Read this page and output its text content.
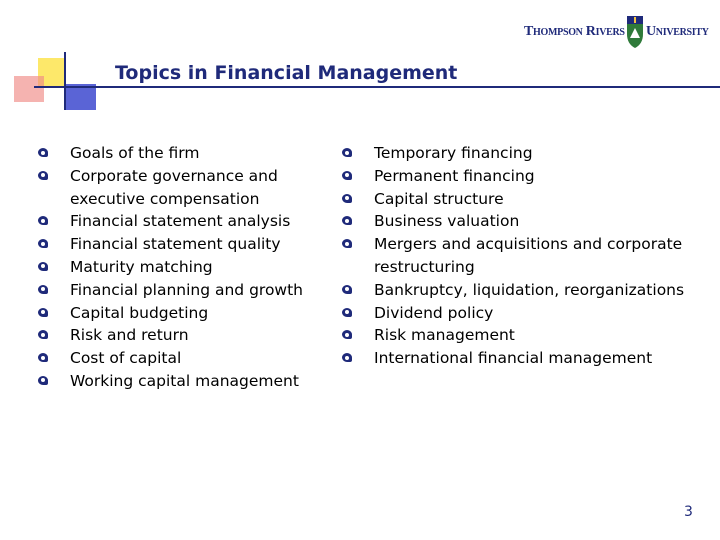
Topics in Financial Management
Thompson Rivers University
Goals of the firm
Corporate governance and executive compensation
Financial statement analysis
Financial statement quality
Maturity matching
Financial planning and growth
Capital budgeting
Risk and return
Cost of capital
Working capital management
Temporary financing
Permanent financing
Capital structure
Business valuation
Mergers and acquisitions and corporate restructuring
Bankruptcy, liquidation, reorganizations
Dividend policy
Risk management
International financial management
3
